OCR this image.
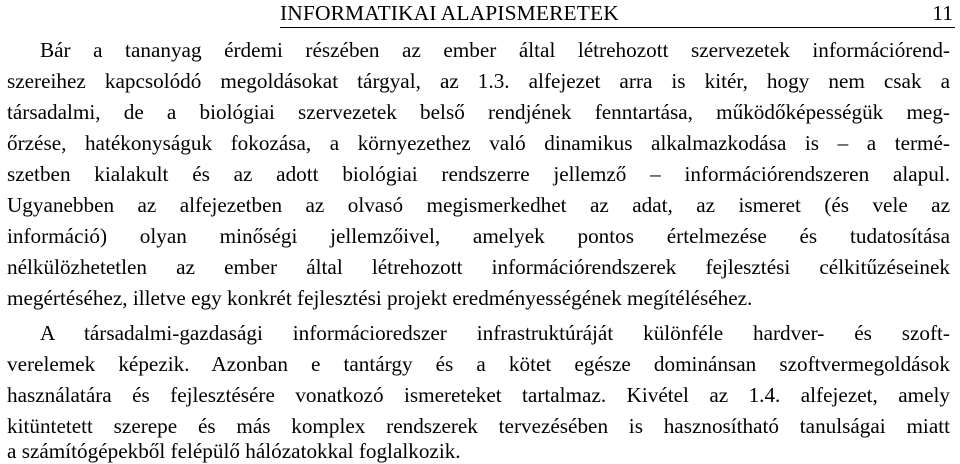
INFORMATIKAI ALAPISMERETEK	11
Bár a tananyag érdemi részében az ember által létrehozott szervezetek információrend-
szereihez kapcsolódó megoldásokat tárgyal, az 1.3. alfejezet arra is kitér, hogy nem csak a
társadalmi, de a biológiai szervezetek belső rendjének fenntartása, működőképességük meg-
őrzése, hatékonyságuk fokozása, a környezethez való dinamikus alkalmazkodása is – a termé-
szetben kialakult és az adott biológiai rendszerre jellemző – információrendszeren alapul.
Ugyanebben az alfejezetben az olvasó megismerkedhet az adat, az ismeret (és vele az
információ) olyan minőségi jellemzőivel, amelyek pontos értelmezése és tudatosítása
nélkülözhetetlen az ember által létrehozott információrendszerek fejlesztési célkitűzéseinek
megértéséhez, illetve egy konkrét fejlesztési projekt eredményességének megítéléséhez.
A társadalmi-gazdasági informácioredszer infrastruktúráját különféle hardver- és szoft-
verelemek képezik. Azonban e tantárgy és a kötet egésze dominánsan szoftvermegoldások
használatára és fejlesztésére vonatkozó ismereteket tartalmaz. Kivétel az 1.4. alfejezet, amely
kitüntetett szerepe és más komplex rendszerek tervezésében is hasznosítható tanulságai miatt
a számítógépekből felépülő hálózatokkal foglalkozik.
